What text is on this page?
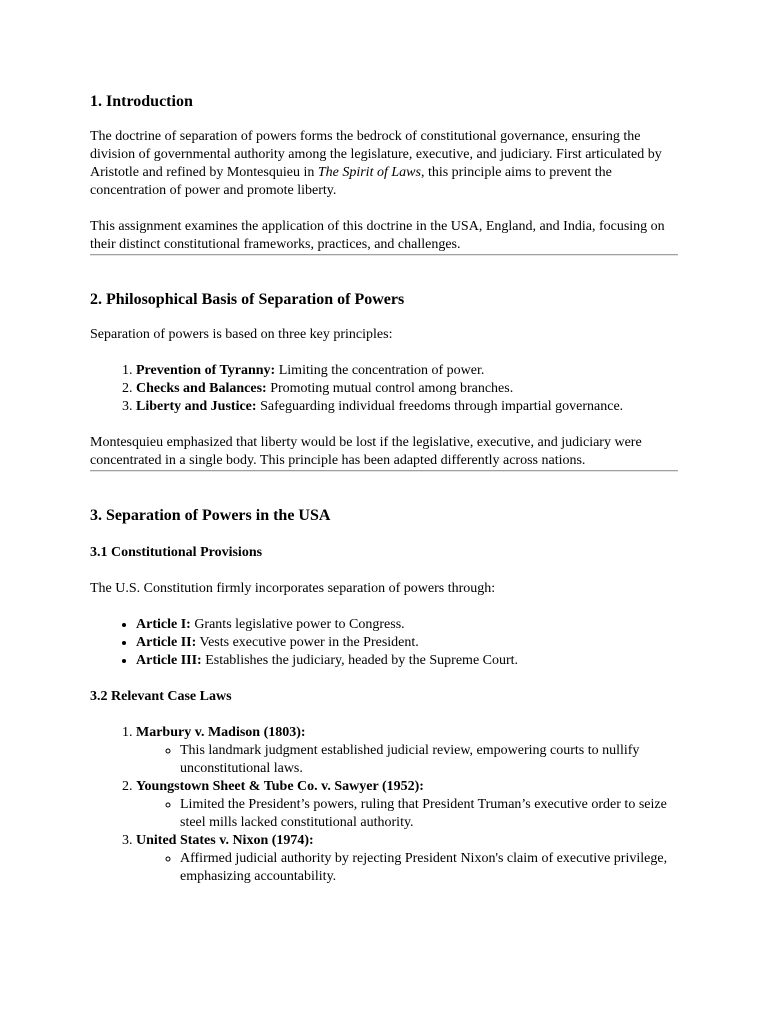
1. Introduction

The doctrine of separation of powers forms the bedrock of constitutional governance, ensuring the division of governmental authority among the legislature, executive, and judiciary. First articulated by Aristotle and refined by Montesquieu in The Spirit of Laws, this principle aims to prevent the concentration of power and promote liberty.

This assignment examines the application of this doctrine in the USA, England, and India, focusing on their distinct constitutional frameworks, practices, and challenges.

2. Philosophical Basis of Separation of Powers

Separation of powers is based on three key principles:

1. Prevention of Tyranny: Limiting the concentration of power.
2. Checks and Balances: Promoting mutual control among branches.
3. Liberty and Justice: Safeguarding individual freedoms through impartial governance.

Montesquieu emphasized that liberty would be lost if the legislative, executive, and judiciary were concentrated in a single body. This principle has been adapted differently across nations.

3. Separation of Powers in the USA
3.1 Constitutional Provisions

The U.S. Constitution firmly incorporates separation of powers through:

• Article I: Grants legislative power to Congress.
• Article II: Vests executive power in the President.
• Article III: Establishes the judiciary, headed by the Supreme Court.
3.2 Relevant Case Laws
1. Marbury v. Madison (1803):
◦ This landmark judgment established judicial review, empowering courts to nullify unconstitutional laws.
2. Youngstown Sheet & Tube Co. v. Sawyer (1952):
◦ Limited the President’s powers, ruling that President Truman’s executive order to seize steel mills lacked constitutional authority.
3. United States v. Nixon (1974):
◦ Affirmed judicial authority by rejecting President Nixon's claim of executive privilege, emphasizing accountability.
